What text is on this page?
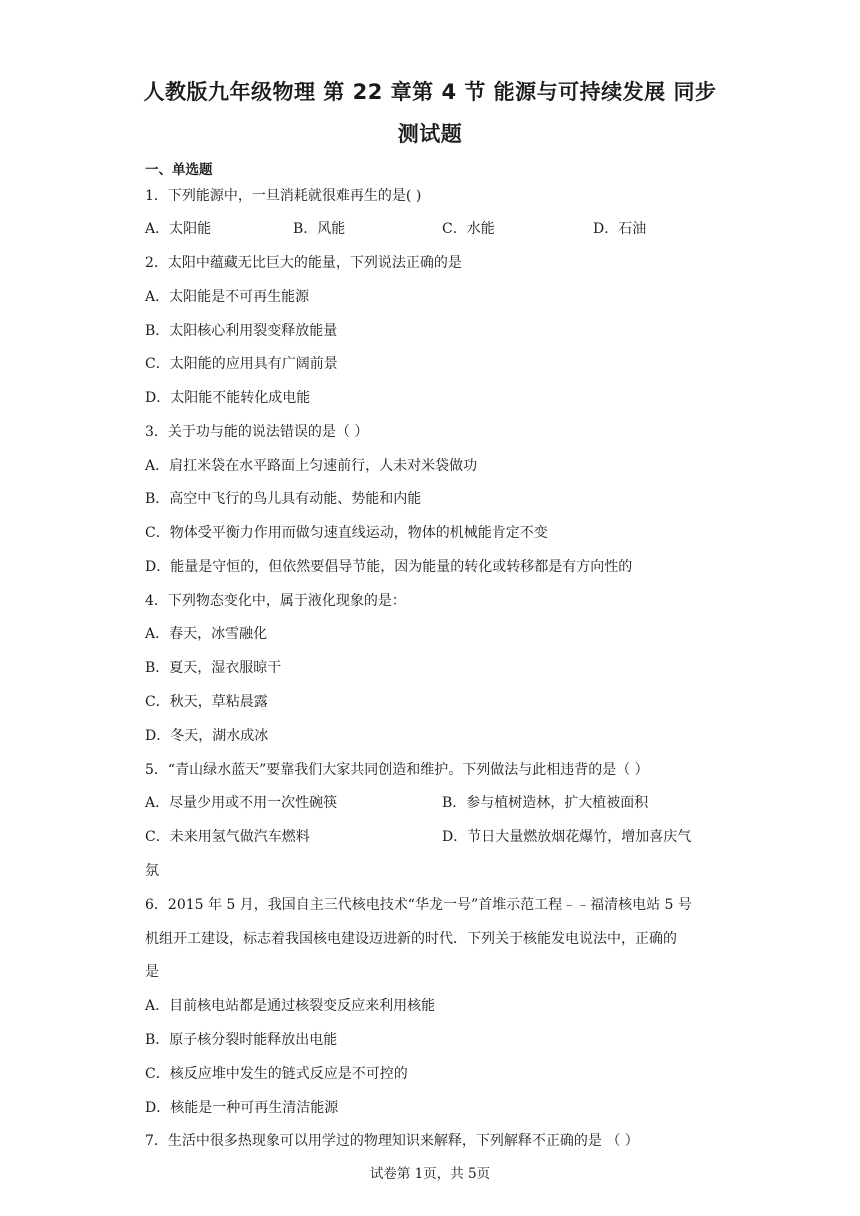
人教版九年级物理 第 22 章第 4 节 能源与可持续发展 同步
测试题
一、单选题
1．下列能源中，一旦消耗就很难再生的是( )
A．太阳能	B．风能	C．水能	D．石油
2．太阳中蕴藏无比巨大的能量，下列说法正确的是
A．太阳能是不可再生能源
B．太阳核心利用裂变释放能量
C．太阳能的应用具有广阔前景
D．太阳能不能转化成电能
3．关于功与能的说法错误的是（ ）
A．肩扛米袋在水平路面上匀速前行，人未对米袋做功
B．高空中飞行的鸟儿具有动能、势能和内能
C．物体受平衡力作用而做匀速直线运动，物体的机械能肯定不变
D．能量是守恒的，但依然要倡导节能，因为能量的转化或转移都是有方向性的
4．下列物态变化中，属于液化现象的是：
A．春天，冰雪融化
B．夏天，湿衣服晾干
C．秋天，草粘晨露
D．冬天，湖水成冰
5．“青山绿水蓝天”要靠我们大家共同创造和维护。下列做法与此相违背的是（ ）
A．尽量少用或不用一次性碗筷	B．参与植树造林，扩大植被面积
C．未来用氢气做汽车燃料	D．节日大量燃放烟花爆竹，增加喜庆气
氛
6．2015 年 5 月，我国自主三代核电技术“华龙一号”首堆示范工程﹣﹣福清核电站 5 号
机组开工建设，标志着我国核电建设迈进新的时代．下列关于核能发电说法中，正确的
是
A．目前核电站都是通过核裂变反应来利用核能
B．原子核分裂时能释放出电能
C．核反应堆中发生的链式反应是不可控的
D．核能是一种可再生清洁能源
7．生活中很多热现象可以用学过的物理知识来解释，下列解释不正确的是 （ ）
试卷第 1页，共 5页
